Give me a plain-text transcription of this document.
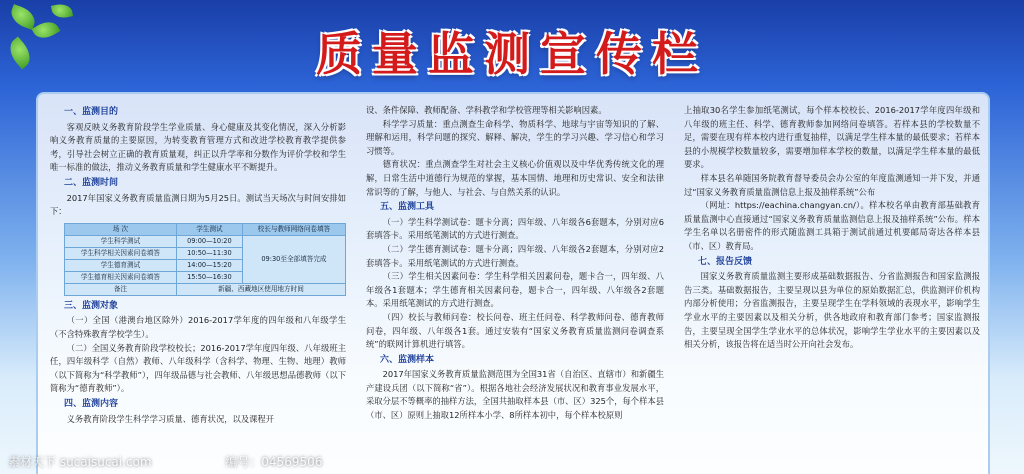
质量监测宣传栏
一、监测目的

客观反映义务教育阶段学生学业质量、身心健康及其变化情况，深入分析影响义务教育质量的主要原因，为转变教育管理方式和改进学校教育教学提供参考，引导社会树立正确的教育质量观，纠正以升学率和分数作为评价学校和学生唯一标准的做法，推动义务教育质量和学生健康水平不断提升。

二、监测时间

2017年国家义务教育质量监测日期为5月25日。测试当天场次与时间安排如下：

场 次	学生测试	校长与教师网络问卷填答
学生科学测试	09:00—10:20	09:30至全部填答完成
学生科学相关因素问卷填答	10:50—11:30	
学生德育测试	14:00—15:20	
学生德育相关因素问卷填答	15:50—16:30	
备注	新疆、西藏地区使用地方时间	
三、监测对象

（一）全国（港澳台地区除外）2016-2017学年度的四年级和八年级学生（不含特殊教育学校学生）。

（二）全国义务教育阶段学校校长；2016-2017学年度四年级、八年级班主任，四年级科学（自然）教师、八年级科学（含科学、物理、生物、地理）教师（以下简称为“科学教师”），四年级品德与社会教师、八年级思想品德教师（以下简称为“德育教师”）。

四、监测内容

义务教育阶段学生科学学习质量、德育状况，以及课程开

设、条件保障、教师配备、学科教学和学校管理等相关影响因素。

科学学习质量：重点测查生命科学、物质科学、地球与宇宙等知识的了解、理解和运用，科学问题的探究、解释、解决，学生的学习兴趣、学习信心和学习习惯等。

德育状况：重点测查学生对社会主义核心价值观以及中华优秀传统文化的理解，日常生活中道德行为规范的掌握，基本国情、地理和历史常识、安全和法律常识等的了解，与他人、与社会、与自然关系的认识。

五、监测工具

（一）学生科学测试卷：题卡分离；四年级、八年级各6套题本，分别对应6套填答卡。采用纸笔测试的方式进行测查。

（二）学生德育测试卷：题卡分离；四年级、八年级各2套题本，分别对应2套填答卡。采用纸笔测试的方式进行测查。

（三）学生相关因素问卷：学生科学相关因素问卷，题卡合一，四年级、八年级各1套题本；学生德育相关因素问卷，题卡合一，四年级、八年级各2套题本。采用纸笔测试的方式进行测查。

（四）校长与教师问卷：校长问卷、班主任问卷、科学教师问卷、德育教师问卷，四年级、八年级各1套。通过安装有“国家义务教育质量监测问卷调查系统”的联网计算机进行填答。

六、监测样本

2017年国家义务教育质量监测范围为全国31省（自治区、直辖市）和新疆生产建设兵团（以下简称“省”）。根据各地社会经济发展状况和教育事业发展水平，采取分层不等概率的抽样方法，全国共抽取样本县（市、区）325个，每个样本县（市、区）原则上抽取12所样本小学、8所样本初中，每个样本校原则

上抽取30名学生参加纸笔测试，每个样本校校长、2016-2017学年度四年级和八年级的班主任、科学、德育教师参加网络问卷填答。若样本县的学校数量不足，需要在现有样本校内进行重复抽样，以满足学生样本量的最低要求；若样本县的小规模学校数量较多，需要增加样本学校的数量，以满足学生样本量的最低要求。

样本县名单随国务院教育督导委员会办公室的年度监测通知一并下发，并通过“国家义务教育质量监测信息上报及抽样系统”公布

（网址：https://eachina.changyan.cn/）。样本校名单由教育部基础教育质量监测中心直接通过“国家义务教育质量监测信息上报及抽样系统”公布。样本学生名单以名册密件的形式随监测工具箱于测试前通过机要邮局寄达各样本县（市、区）教育局。

七、报告反馈

国家义务教育质量监测主要形成基础数据报告、分省监测报告和国家监测报告三类。基础数据报告，主要呈现以县为单位的原始数据汇总，供监测评价机构内部分析使用；分省监测报告，主要呈现学生在学科领域的表现水平，影响学生学业水平的主要因素以及相关分析，供各地政府和教育部门参考；国家监测报告，主要呈现全国学生学业水平的总体状况，影响学生学业水平的主要因素以及相关分析，该报告将在适当时公开向社会发布。

素材天下 sucaisucai.com	编号：04569506
